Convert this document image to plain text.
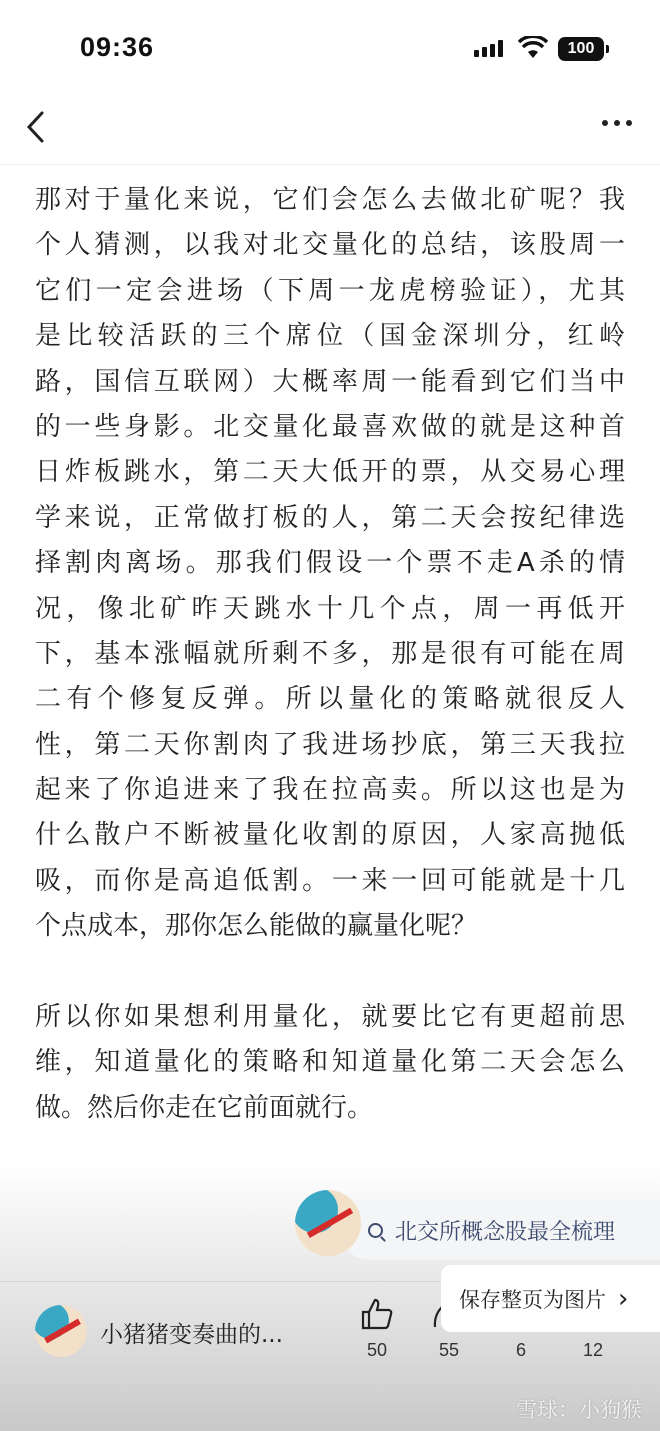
09:36	100
那对于量化来说，它们会怎么去做北矿呢？我
个人猜测，以我对北交量化的总结，该股周一
它们一定会进场（下周一龙虎榜验证），尤其
是比较活跃的三个席位（国金深圳分，红岭
路，国信互联网）大概率周一能看到它们当中
的一些身影。北交量化最喜欢做的就是这种首
日炸板跳水，第二天大低开的票，从交易心理
学来说，正常做打板的人，第二天会按纪律选
择割肉离场。那我们假设一个票不走A杀的情
况，像北矿昨天跳水十几个点，周一再低开
下，基本涨幅就所剩不多，那是很有可能在周
二有个修复反弹。所以量化的策略就很反人
性，第二天你割肉了我进场抄底，第三天我拉
起来了你追进来了我在拉高卖。所以这也是为
什么散户不断被量化收割的原因，人家高抛低
吸，而你是高追低割。一来一回可能就是十几
个点成本，那你怎么能做的赢量化呢？
所以你如果想利用量化，就要比它有更超前思
维，知道量化的策略和知道量化第二天会怎么
做。然后你走在它前面就行。
北交所概念股最全梳理
小猪猪变奏曲的...
50	55	6	12
保存整页为图片 ›
雪球：小狗猴
